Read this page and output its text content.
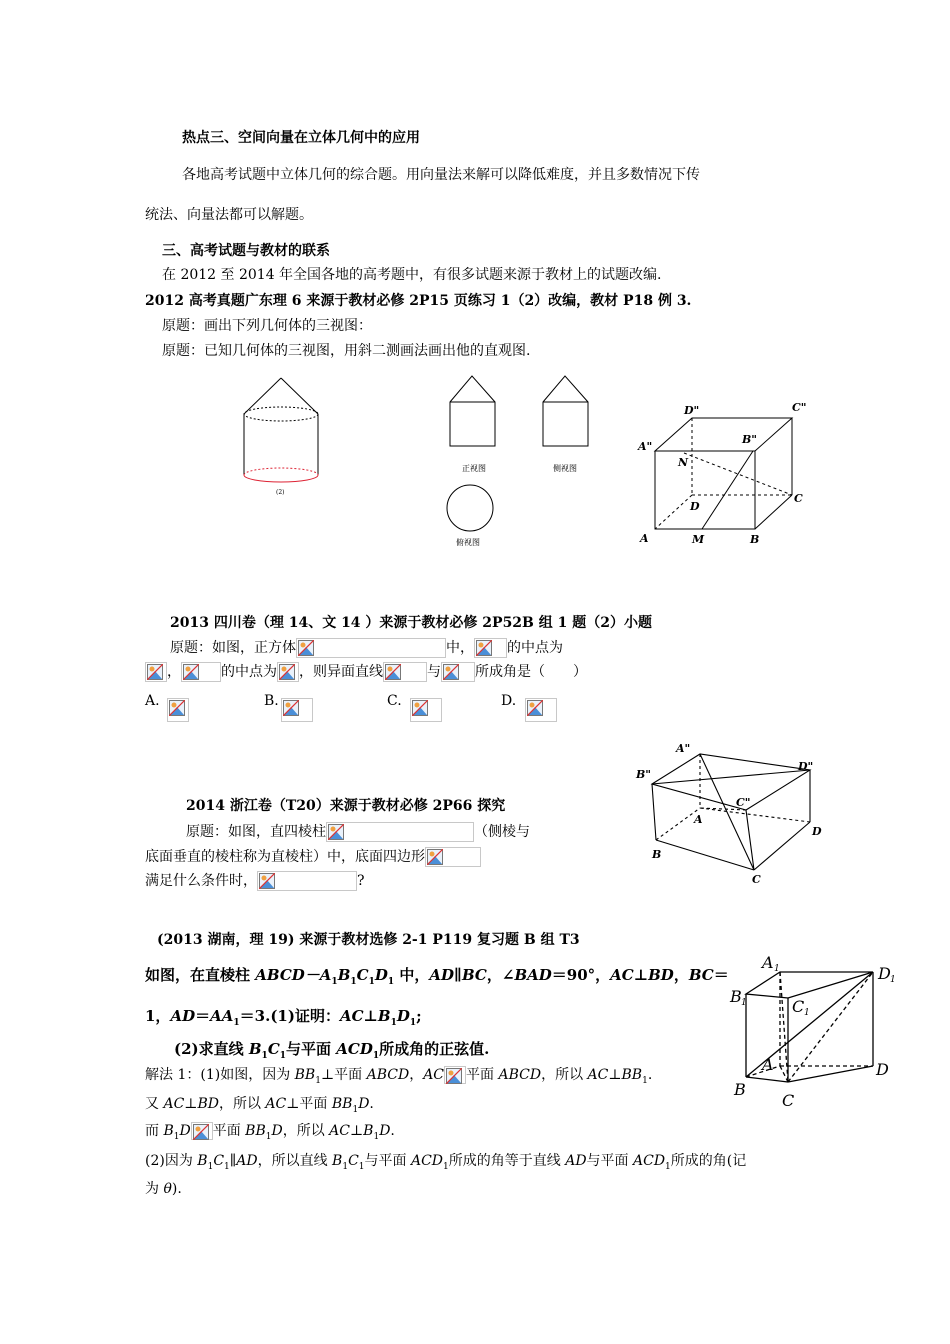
热点三、空间向量在立体几何中的应用
各地高考试题中立体几何的综合题。用向量法来解可以降低难度，并且多数情况下传
统法、向量法都可以解题。
三、高考试题与教材的联系
在 2012 至 2014 年全国各地的高考题中，有很多试题来源于教材上的试题改编.
2012 高考真题广东理 6 来源于教材必修 2P15 页练习 1（2）改编，教材 P18 例 3.
原题：画出下列几何体的三视图：
原题：已知几何体的三视图，用斜二测画法画出他的直观图.
(2)
正视图	侧视图
俯视图
D"	C"
A"
B"
N
C
D
A	M	B
2013 四川卷（理 14、文 14 ）来源于教材必修 2P52B 组 1 题（2）小题
原题：如图，正方体	中， 的中点为
，	的中点为 ，则异面直线	与 所成角是（　　）
A.	B.	C.	D.
2014 浙江卷（T20）来源于教材必修 2P66 探究
原题：如图，直四棱柱	（侧棱与
底面垂直的棱柱称为直棱柱）中，底面四边形
满足什么条件时，	?
A"
B"
D"
C"
A
D
B
C
(2013 湖南，理 19) 来源于教材选修 2-1 P119 复习题 B 组 T3
如图，在直棱柱 $ABCD-A_1B_1C_1D_1$ 中，AD∥BC，∠BAD＝90°，AC⊥BD，BC＝
1，$AD=AA_1=3.(1)$证明：$AC\perp B_1D_1$;
(2)求直线 $B_1C_1$与平面 $ACD_1$所成角的正弦值.
解法 1：(1)如图，因为 $BB_1\perp$平面 ABCD，AC 平面 ABCD，所以 $AC\perp BB_1$.
又 AC⊥BD，所以 AC⊥平面 $BB_1D$.
而 $B_1D$ 平面 $BB_1D$，所以 $AC\perp B_1D$.
(2)因为 $B_1C_1\parallel AD$，所以直线 $B_1C_1$与平面 $ACD_1$所成的角等于直线 AD与平面 $ACD_1$所成的角(记
为 θ).
A 1	D 1
B 1	C 1
A	D
B
C
